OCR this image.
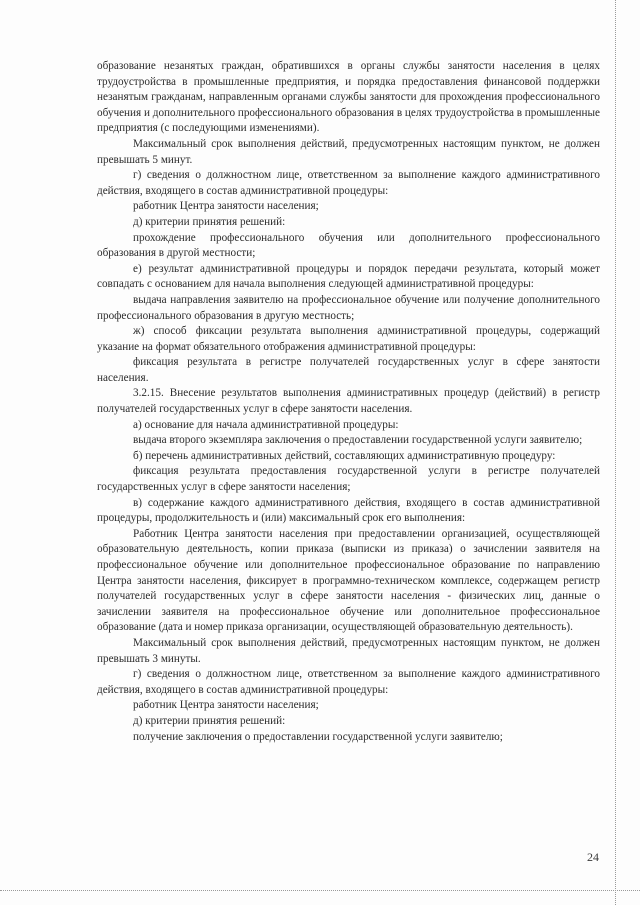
образование незанятых граждан, обратившихся в органы службы занятости населения в целях трудоустройства в промышленные предприятия, и порядка предоставления финансовой поддержки незанятым гражданам, направленным органами службы занятости для прохождения профессионального обучения и дополнительного профессионального образования в целях трудоустройства в промышленные предприятия (с последующими изменениями).

Максимальный срок выполнения действий, предусмотренных настоящим пунктом, не должен превышать 5 минут.

г) сведения о должностном лице, ответственном за выполнение каждого административного действия, входящего в состав административной процедуры:

работник Центра занятости населения;

д) критерии принятия решений:

прохождение профессионального обучения или дополнительного профессионального образования в другой местности;

е) результат административной процедуры и порядок передачи результата, который может совпадать с основанием для начала выполнения следующей административной процедуры:

выдача направления заявителю на профессиональное обучение или получение дополнительного профессионального образования в другую местность;

ж) способ фиксации результата выполнения административной процедуры, содержащий указание на формат обязательного отображения административной процедуры:

фиксация результата в регистре получателей государственных услуг в сфере занятости населения.

3.2.15. Внесение результатов выполнения административных процедур (действий) в регистр получателей государственных услуг в сфере занятости населения.

а) основание для начала административной процедуры:

выдача второго экземпляра заключения о предоставлении государственной услуги заявителю;

б) перечень административных действий, составляющих административную процедуру:

фиксация результата предоставления государственной услуги в регистре получателей государственных услуг в сфере занятости населения;

в) содержание каждого административного действия, входящего в состав административной процедуры, продолжительность и (или) максимальный срок его выполнения:

Работник Центра занятости населения при предоставлении организацией, осуществляющей образовательную деятельность, копии приказа (выписки из приказа) о зачислении заявителя на профессиональное обучение или дополнительное профессиональное образование по направлению Центра занятости населения, фиксирует в программно-техническом комплексе, содержащем регистр получателей государственных услуг в сфере занятости населения - физических лиц, данные о зачислении заявителя на профессиональное обучение или дополнительное профессиональное образование (дата и номер приказа организации, осуществляющей образовательную деятельность).

Максимальный срок выполнения действий, предусмотренных настоящим пунктом, не должен превышать 3 минуты.

г) сведения о должностном лице, ответственном за выполнение каждого административного действия, входящего в состав административной процедуры:

работник Центра занятости населения;

д) критерии принятия решений:

получение заключения о предоставлении государственной услуги заявителю;

24
